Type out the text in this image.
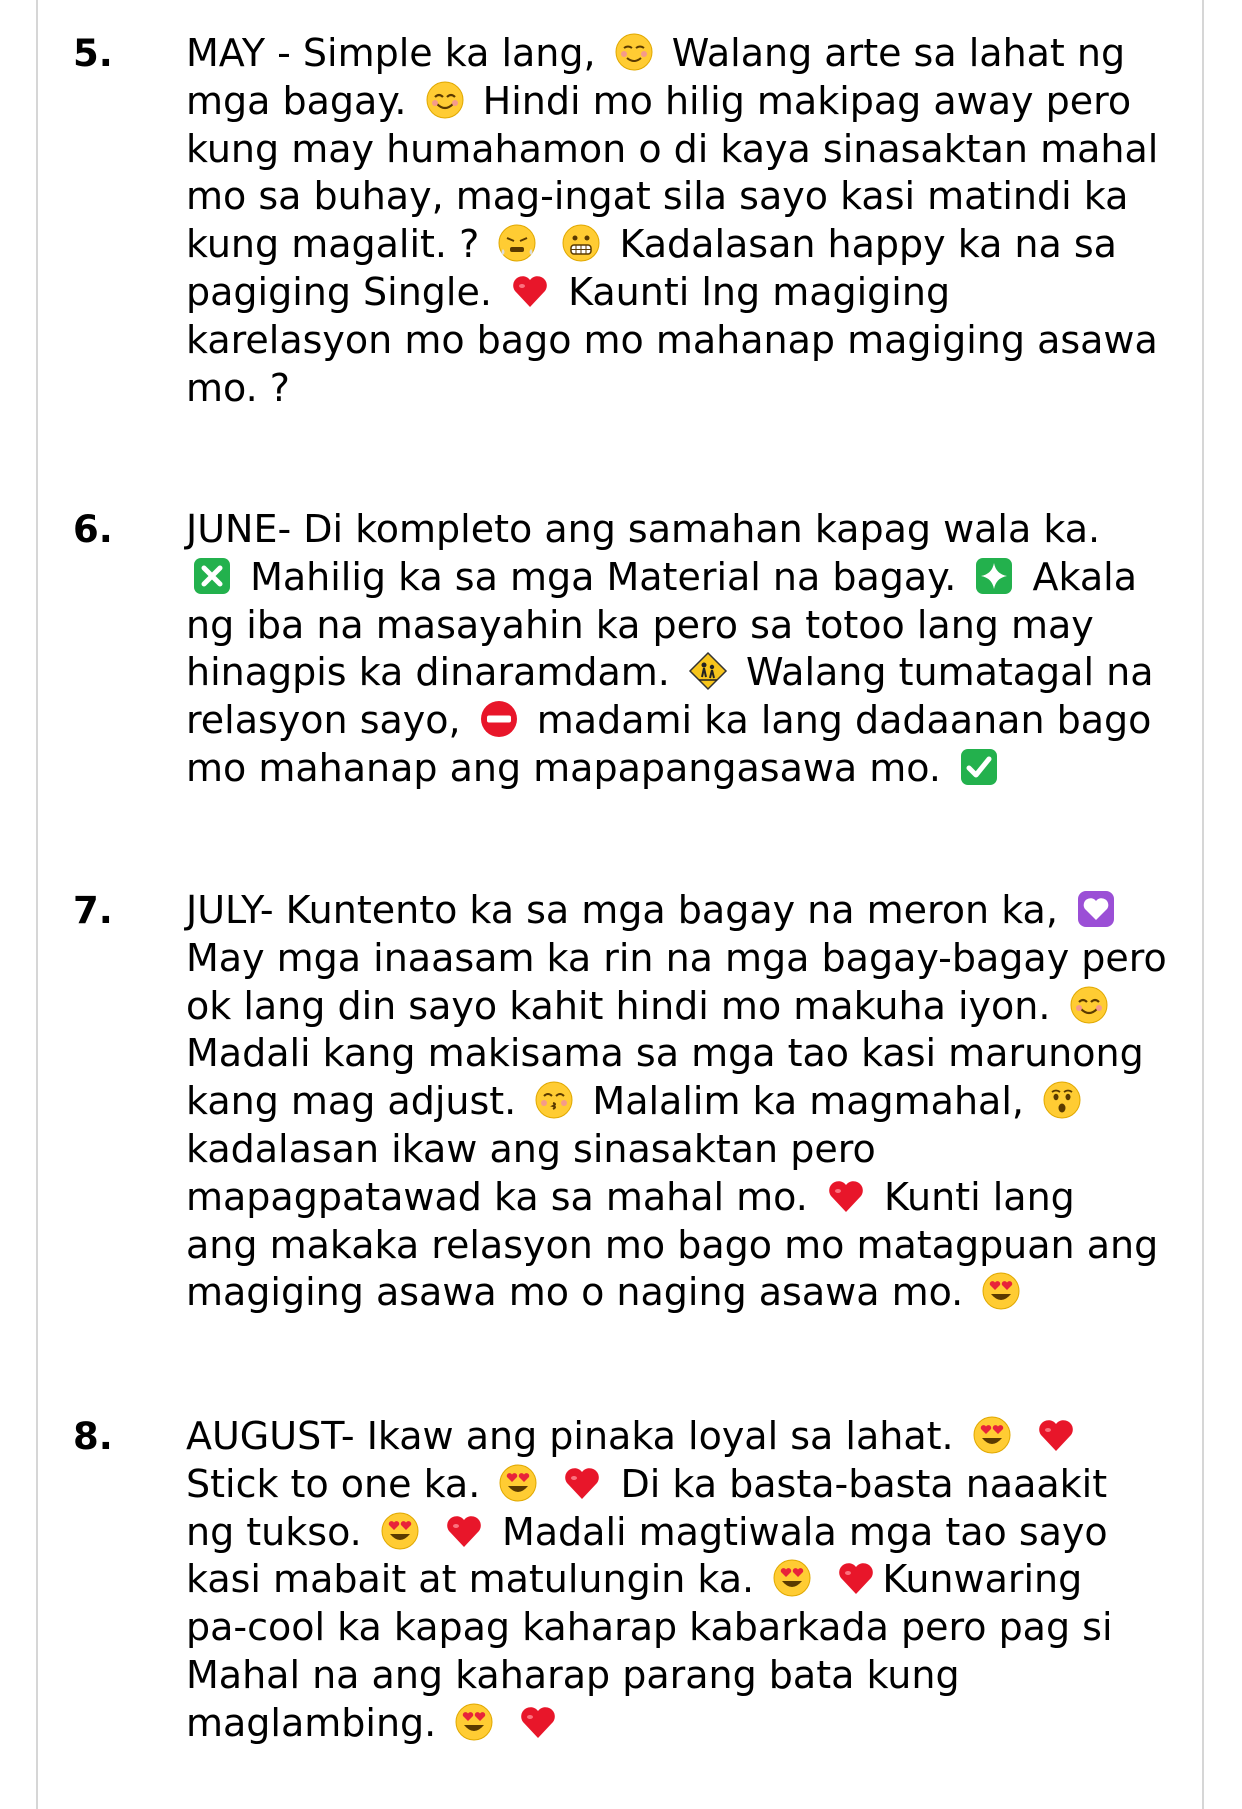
5. MAY - Simple ka lang,
Walang arte sa lahat ng
mga bagay.
Hindi mo hilig makipag away pero
kung may humahamon o di kaya sinasaktan mahal
mo sa buhay, mag-ingat sila sayo kasi matindi ka
kung magalit. ?
	Kadalasan happy ka na sa
pagiging Single.
Kaunti lng magiging
karelasyon mo bago mo mahanap magiging asawa
mo. ?
6. JUNE- Di kompleto ang samahan kapag wala ka.

Mahilig ka sa mga Material na bagay.
Akala
ng iba na masayahin ka pero sa totoo lang may
hinagpis ka dinaramdam.
Walang tumatagal na
relasyon sayo,
madami ka lang dadaanan bago
mo mahanap ang mapapangasawa mo.
7. JULY- Kuntento ka sa mga bagay na meron ka,

May mga inaasam ka rin na mga bagay-bagay pero
ok lang din sayo kahit hindi mo makuha iyon.

Madali kang makisama sa mga tao kasi marunong
kang mag adjust.
Malalim ka magmahal,

kadalasan ikaw ang sinasaktan pero
mapagpatawad ka sa mahal mo.
Kunti lang
ang makaka relasyon mo bago mo matagpuan ang
magiging asawa mo o naging asawa mo.
8. AUGUST- Ikaw ang pinaka loyal sa lahat.

Stick to one ka.
	Di ka basta-basta naaakit
ng tukso.
	Madali magtiwala mga tao sayo
kasi mabait at matulungin ka.
	Kunwaring
pa-cool ka kapag kaharap kabarkada pero pag si
Mahal na ang kaharap parang bata kung
maglambing.
